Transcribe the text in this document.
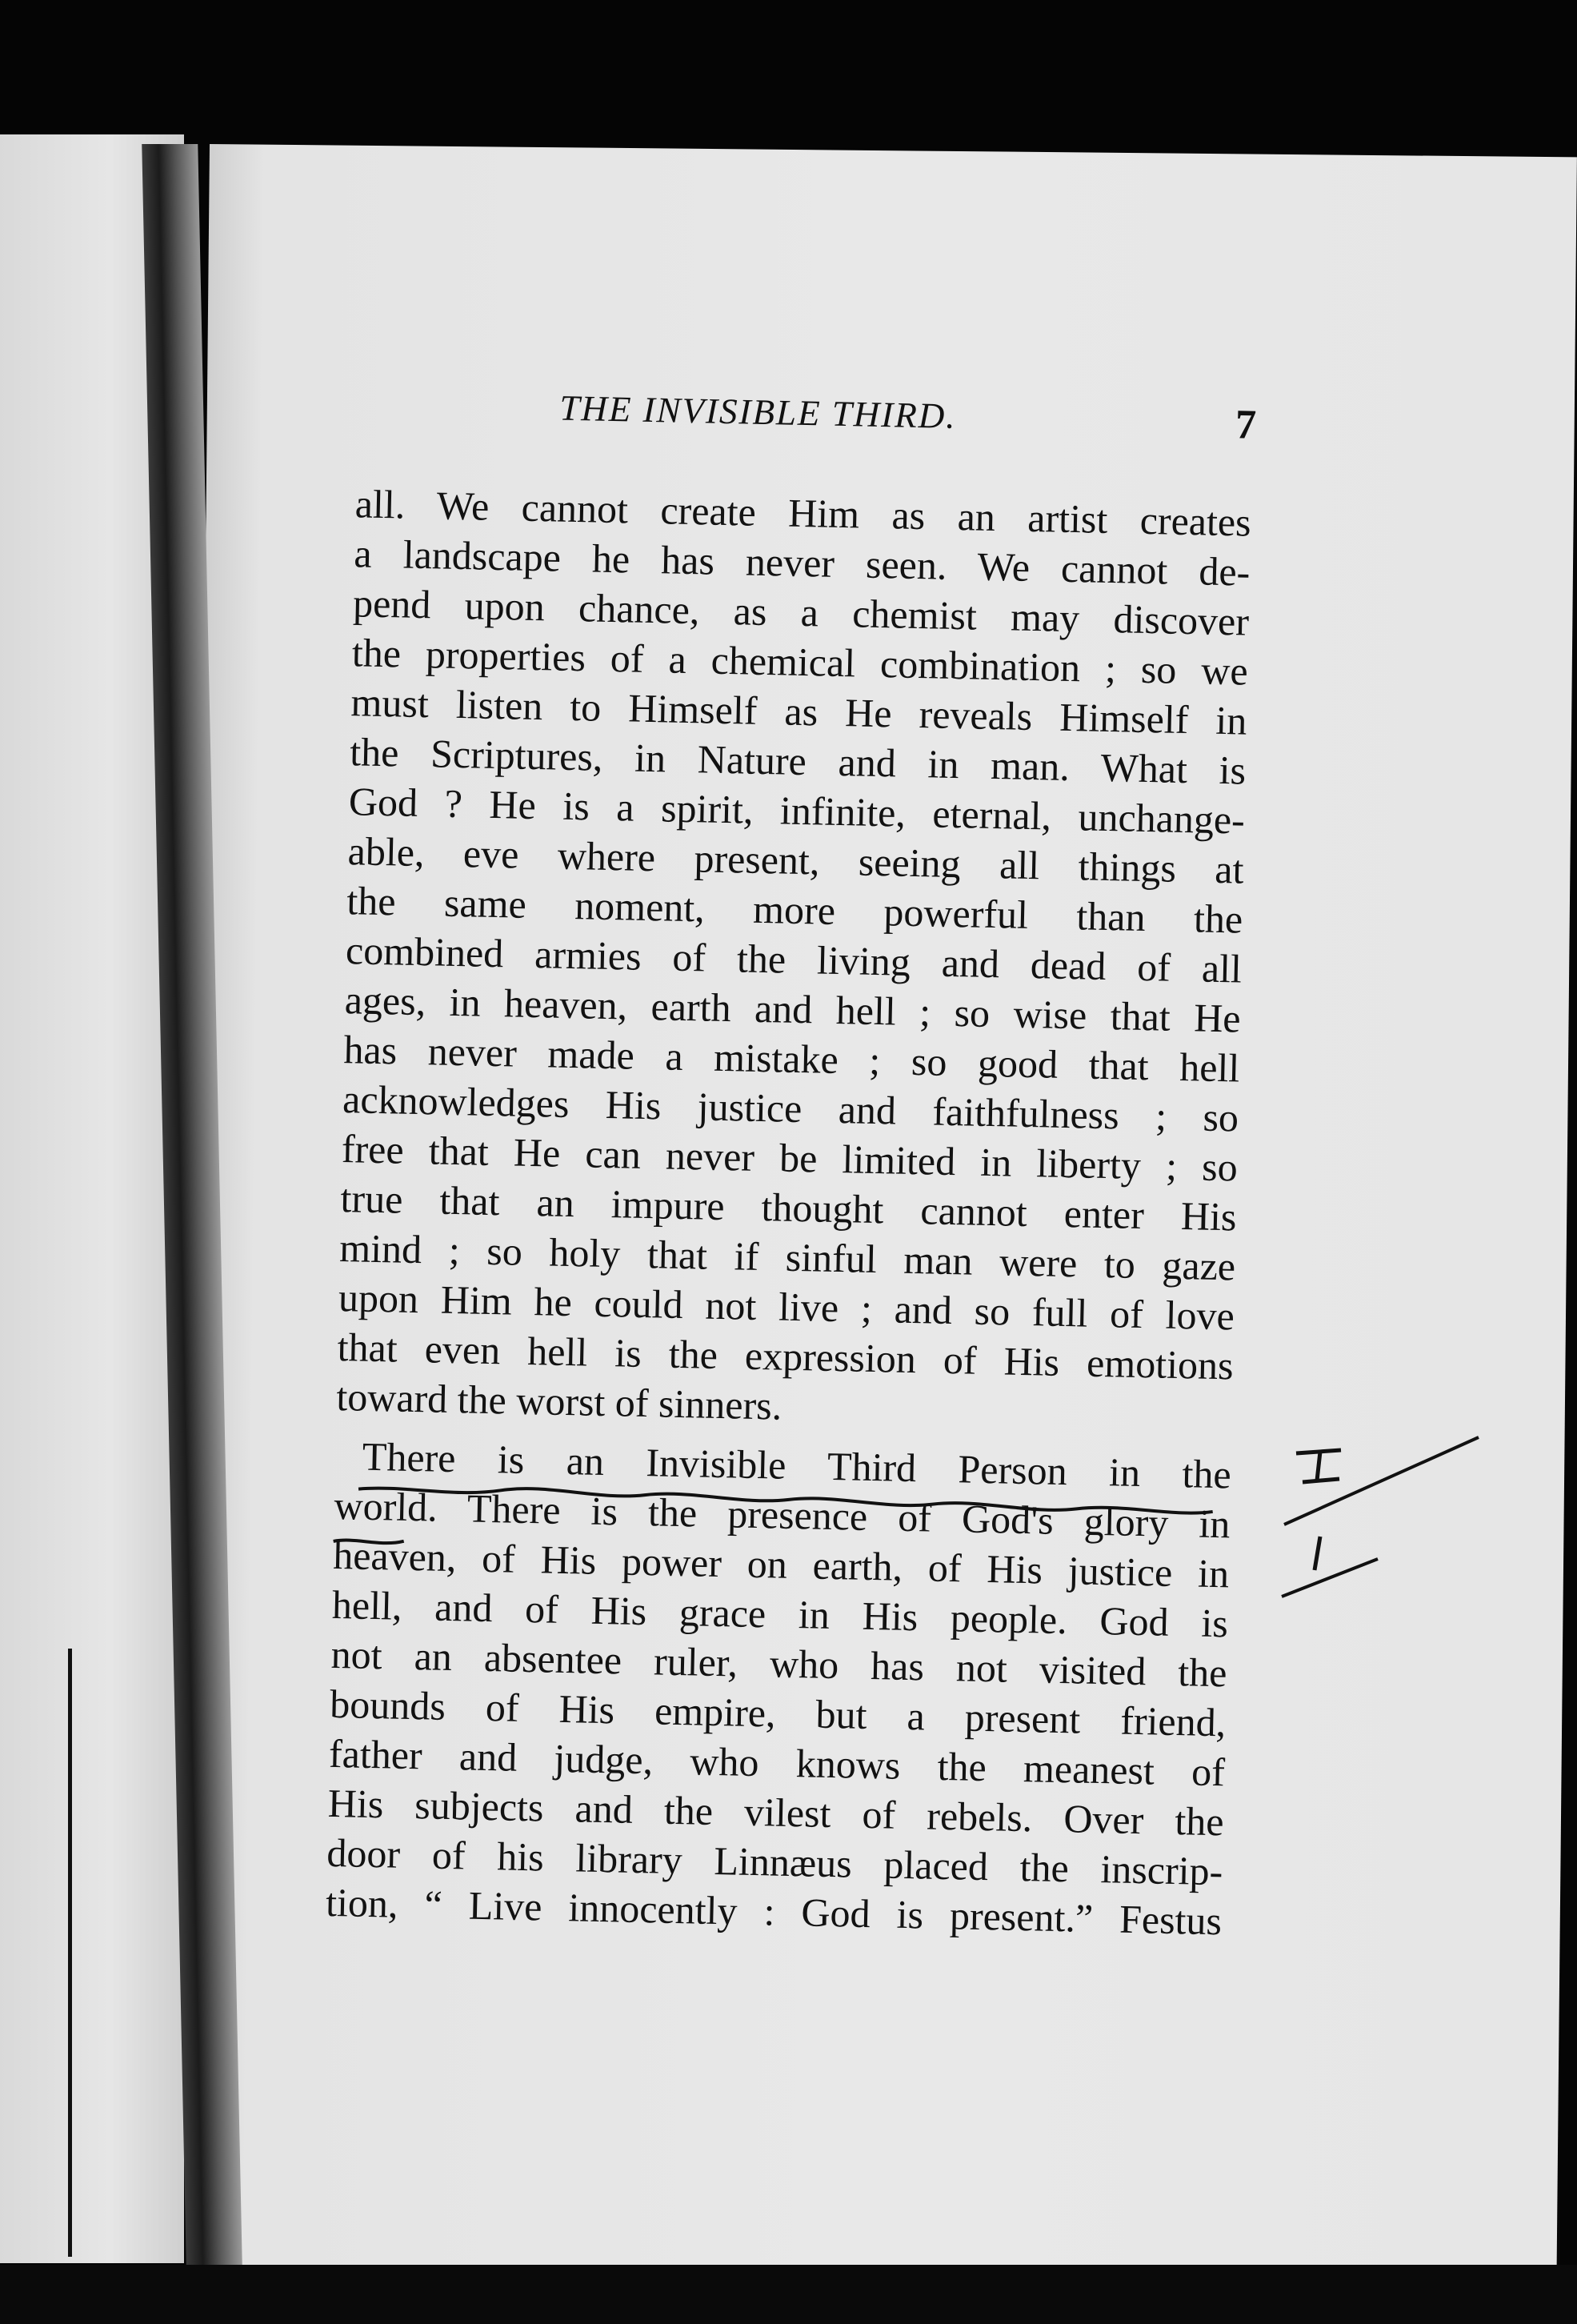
THE INVISIBLE THIRD.	7
all. We cannot create Him as an artist creates
a landscape he has never seen. We cannot de-
pend upon chance, as a chemist may discover
the properties of a chemical combination ; so we
must listen to Himself as He reveals Himself in
the Scriptures, in Nature and in man. What is
God ? He is a spirit, infinite, eternal, unchange-
able, eve where present, seeing all things at
the same noment, more powerful than the
combined armies of the living and dead of all
ages, in heaven, earth and hell ; so wise that He
has never made a mistake ; so good that hell
acknowledges His justice and faithfulness ; so
free that He can never be limited in liberty ; so
true that an impure thought cannot enter His
mind ; so holy that if sinful man were to gaze
upon Him he could not live ; and so full of love
that even hell is the expression of His emotions
toward the worst of sinners.
There is an Invisible Third Person in the
world. There is the presence of God's glory in
heaven, of His power on earth, of His justice in
hell, and of His grace in His people. God is
not an absentee ruler, who has not visited the
bounds of His empire, but a present friend,
father and judge, who knows the meanest of
His subjects and the vilest of rebels. Over the
door of his library Linnæus placed the inscrip-
tion, “ Live innocently : God is present.” Festus
